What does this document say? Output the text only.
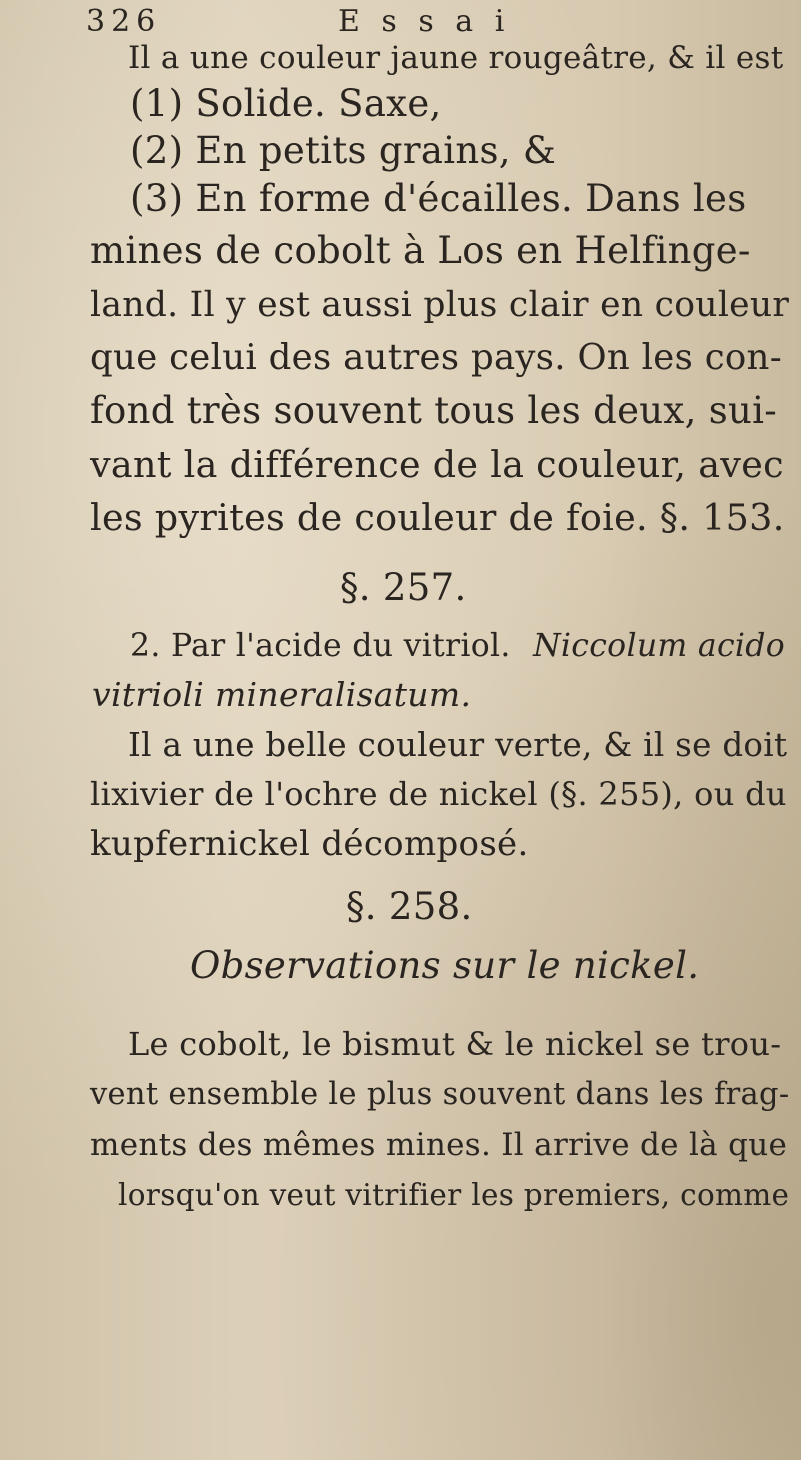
326	E s s a i
Il a une couleur jaune rougeâtre, & il est
(1) Solide. Saxe,
(2) En petits grains, &
(3) En forme d'écailles. Dans les
mines de cobolt à Los en Helfinge-
land. Il y est aussi plus clair en couleur
que celui des autres pays. On les con-
fond très souvent tous les deux, sui-
vant la différence de la couleur, avec
les pyrites de couleur de foie. §. 153.
§. 257.
2. Par l'acide du vitriol. Niccolum acido
vitrioli mineralisatum.
Il a une belle couleur verte, & il se doit
lixivier de l'ochre de nickel (§. 255), ou du
kupfernickel décomposé.
§. 258.
Observations sur le nickel.
Le cobolt, le bismut & le nickel se trou-
vent ensemble le plus souvent dans les frag-
ments des mêmes mines. Il arrive de là que
lorsqu'on veut vitrifier les premiers, comme
